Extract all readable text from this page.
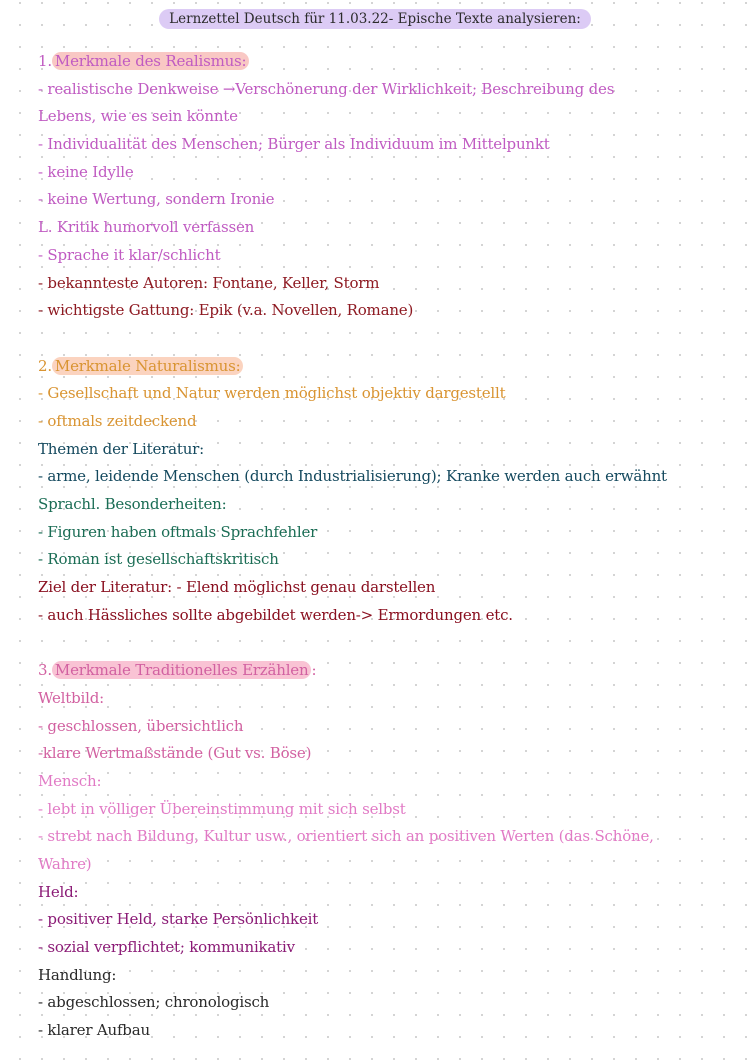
Lernzettel Deutsch für 11.03.22- Epische Texte analysieren:
1. Merkmale des Realismus:
- realistische Denkweise →Verschönerung der Wirklichkeit; Beschreibung des
Lebens, wie es sein könnte
- Individualität des Menschen; Bürger als Individuum im Mittelpunkt
- keine Idylle
- keine Wertung, sondern Ironie
L. Kritik humorvoll verfassen
- Sprache it klar/schlicht
- bekannteste Autoren: Fontane, Keller, Storm
- wichtigste Gattung: Epik (v.a. Novellen, Romane)
2. Merkmale Naturalismus:
- Gesellschaft und Natur werden möglichst objektiv dargestellt
- oftmals zeitdeckend
Themen der Literatur:
- arme, leidende Menschen (durch Industrialisierung); Kranke werden auch erwähnt
Sprachl. Besonderheiten:
- Figuren haben oftmals Sprachfehler
- Roman ist gesellschaftskritisch
Ziel der Literatur: - Elend möglichst genau darstellen
- auch Hässliches sollte abgebildet werden-> Ermordungen etc.
3. Merkmale Traditionelles Erzählen :
Weltbild:
- geschlossen, übersichtlich
-klare Wertmaßstände (Gut vs. Böse)
Mensch:
- lebt in völliger Übereinstimmung mit sich selbst
- strebt nach Bildung, Kultur usw., orientiert sich an positiven Werten (das Schöne,
Wahre)
Held:
- positiver Held, starke Persönlichkeit
- sozial verpflichtet; kommunikativ
Handlung:
- abgeschlossen; chronologisch
- klarer Aufbau
